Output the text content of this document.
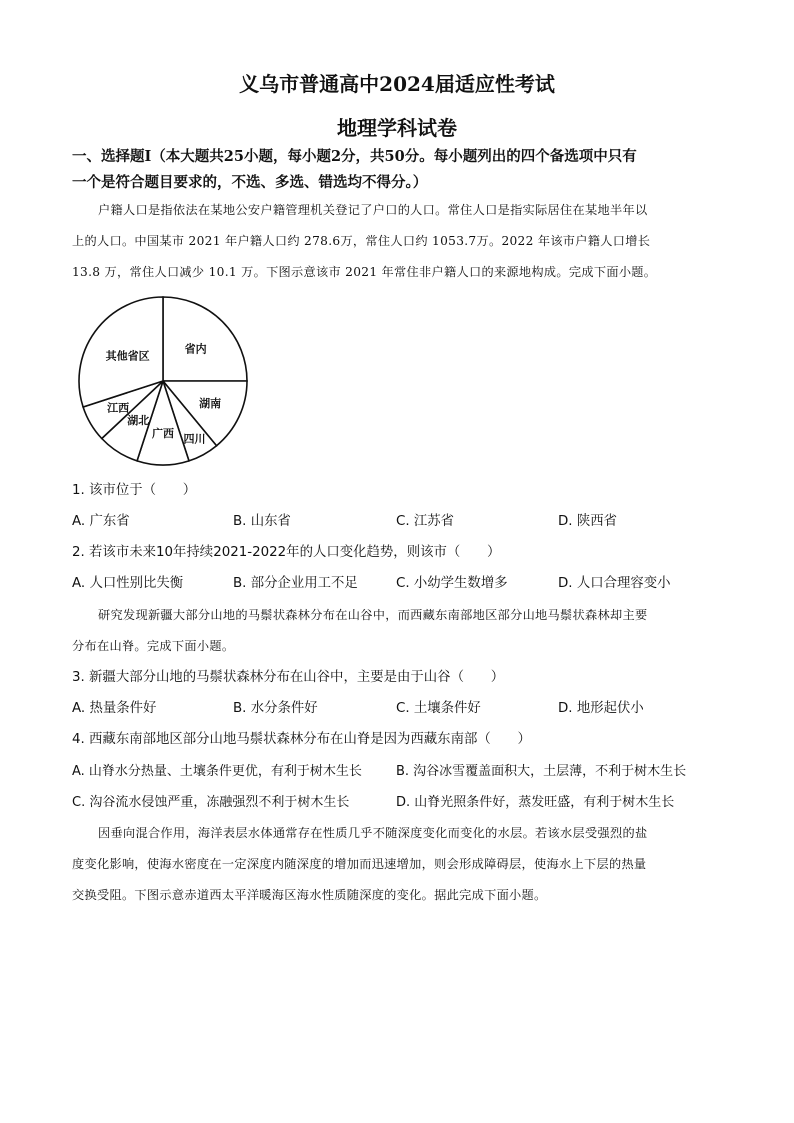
义乌市普通高中2024届适应性考试
地理学科试卷
一、选择题Ⅰ（本大题共25小题，每小题2分，共50分。每小题列出的四个备选项中只有
一个是符合题目要求的，不选、多选、错选均不得分。）
户籍人口是指依法在某地公安户籍管理机关登记了户口的人口。常住人口是指实际居住在某地半年以
上的人口。中国某市 2021 年户籍人口约 278.6万，常住人口约 1053.7万。2022 年该市户籍人口增长
13.8 万，常住人口减少 10.1 万。下图示意该市 2021 年常住非户籍人口的来源地构成。完成下面小题。
省内
湖南
四川
广西
湖北
江西
其他省区
1. 该市位于（　　）
A. 广东省	B. 山东省	C. 江苏省	D. 陕西省
2. 若该市未来10年持续2021-2022年的人口变化趋势，则该市（　　）
A. 人口性别比失衡	B. 部分企业用工不足	C. 小幼学生数增多	D. 人口合理容变小
研究发现新疆大部分山地的马鬃状森林分布在山谷中，而西藏东南部地区部分山地马鬃状森林却主要
分布在山脊。完成下面小题。
3. 新疆大部分山地的马鬃状森林分布在山谷中，主要是由于山谷（　　）
A. 热量条件好	B. 水分条件好	C. 土壤条件好	D. 地形起伏小
4. 西藏东南部地区部分山地马鬃状森林分布在山脊是因为西藏东南部（　　）
A. 山脊水分热量、土壤条件更优，有利于树木生长	B. 沟谷冰雪覆盖面积大，土层薄，不利于树木生长
C. 沟谷流水侵蚀严重，冻融强烈不利于树木生长	D. 山脊光照条件好，蒸发旺盛，有利于树木生长
因垂向混合作用，海洋表层水体通常存在性质几乎不随深度变化而变化的水层。若该水层受强烈的盐
度变化影响，使海水密度在一定深度内随深度的增加而迅速增加，则会形成障碍层，使海水上下层的热量
交换受阻。下图示意赤道西太平洋暖海区海水性质随深度的变化。据此完成下面小题。
